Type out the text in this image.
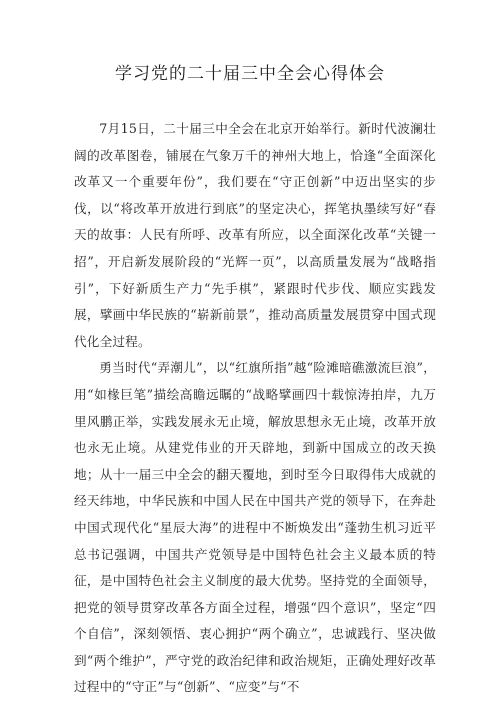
学习党的二十届三中全会心得体会

7月15日，二十届三中全会在北京开始举行。新时代波澜壮阔的改革图卷，铺展在气象万千的神州大地上，恰逢“全面深化改革又一个重要年份”，我们要在“守正创新”中迈出坚实的步伐，以“将改革开放进行到底”的坚定决心，挥笔执墨续写好“春天的故事：人民有所呼、改革有所应，以全面深化改革“关键一招”，开启新发展阶段的“光辉一页”，以高质量发展为“战略指引”，下好新质生产力“先手棋”，紧跟时代步伐、顺应实践发展，擘画中华民族的“崭新前景”，推动高质量发展贯穿中国式现代化全过程。

勇当时代“弄潮儿”，以“红旗所指”越“险滩暗礁激流巨浪”，用“如椽巨笔”描绘高瞻远瞩的“战略擘画四十载惊涛拍岸，九万里风鹏正举，实践发展永无止境，解放思想永无止境，改革开放也永无止境。从建党伟业的开天辟地，到新中国成立的改天换地；从十一届三中全会的翻天覆地，到时至今日取得伟大成就的经天纬地，中华民族和中国人民在中国共产党的领导下，在奔赴中国式现代化“星辰大海”的进程中不断焕发出“蓬勃生机习近平总书记强调，中国共产党领导是中国特色社会主义最本质的特征，是中国特色社会主义制度的最大优势。坚持党的全面领导，把党的领导贯穿改革各方面全过程，增强“四个意识”，坚定“四个自信”，深刻领悟、衷心拥护“两个确立”，忠诚践行、坚决做到“两个维护”，严守党的政治纪律和政治规矩，正确处理好改革过程中的“守正”与“创新”、“应变”与“不
